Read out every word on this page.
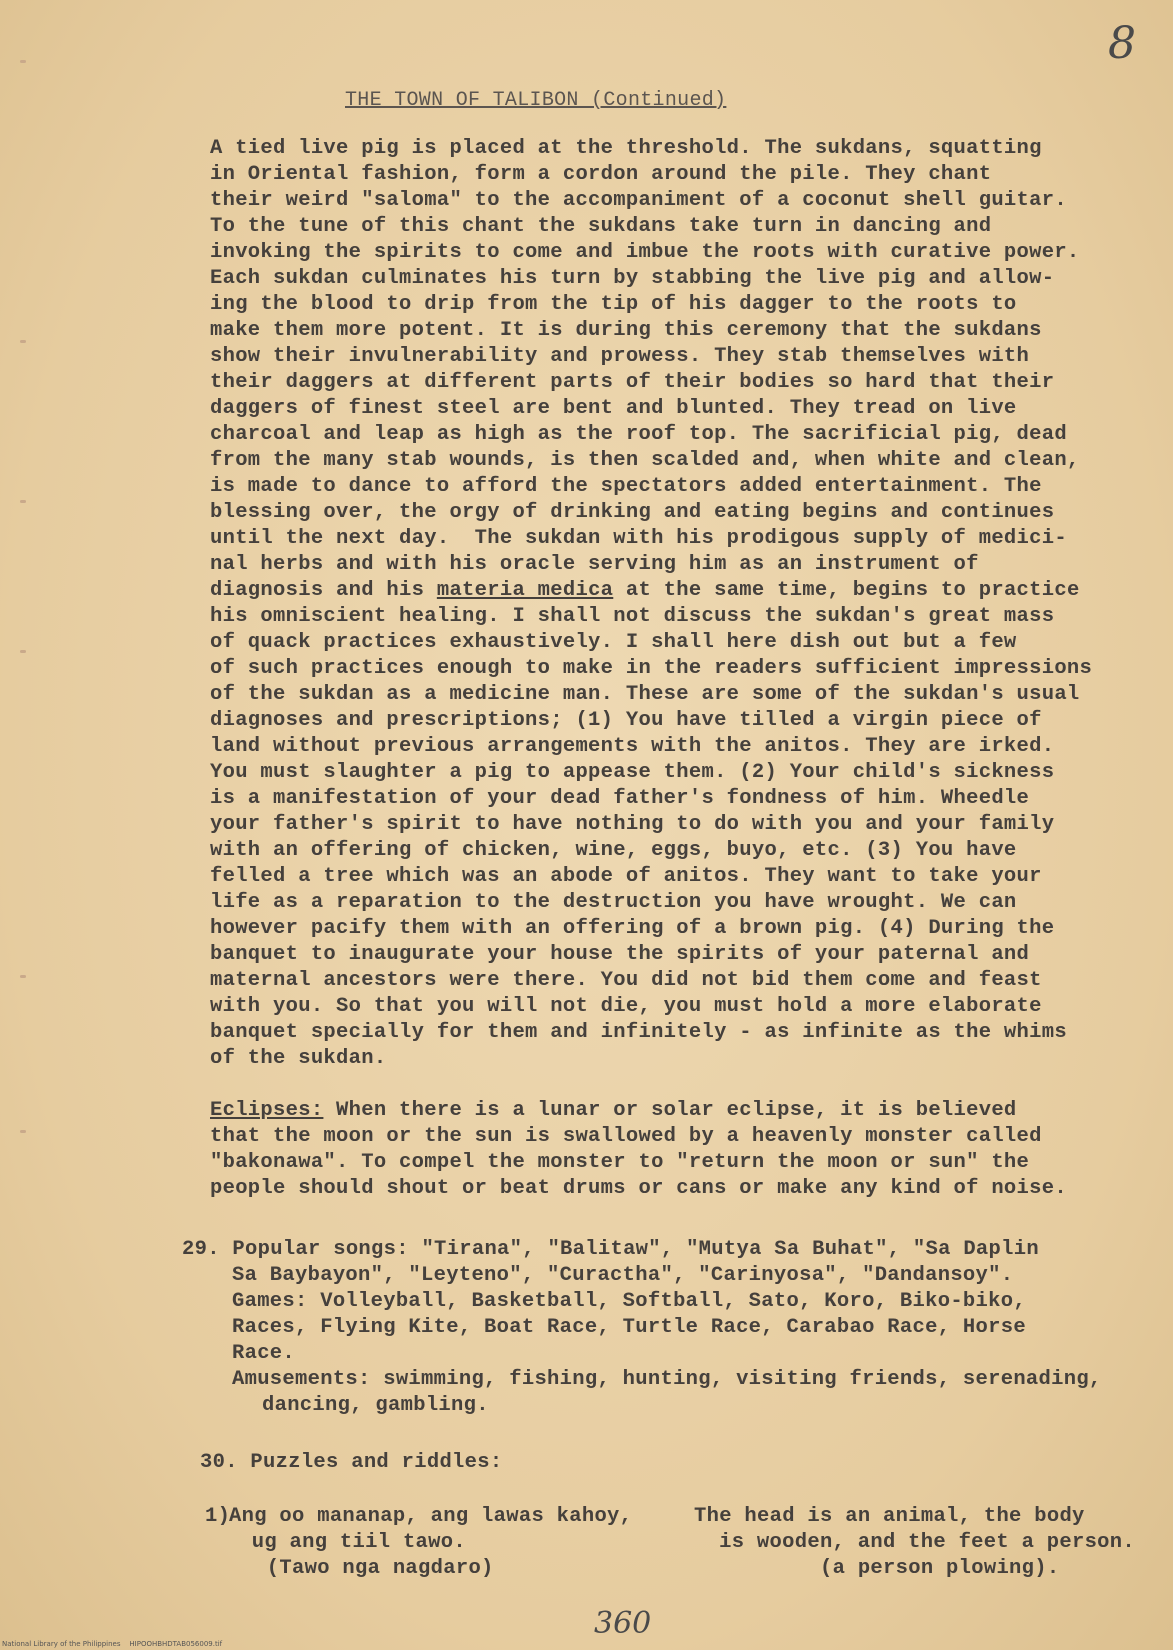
8
THE TOWN OF TALIBON (Continued)
A tied live pig is placed at the threshold. The sukdans, squatting
in Oriental fashion, form a cordon around the pile. They chant
their weird "saloma" to the accompaniment of a coconut shell guitar.
To the tune of this chant the sukdans take turn in dancing and
invoking the spirits to come and imbue the roots with curative power.
Each sukdan culminates his turn by stabbing the live pig and allow-
ing the blood to drip from the tip of his dagger to the roots to
make them more potent. It is during this ceremony that the sukdans
show their invulnerability and prowess. They stab themselves with
their daggers at different parts of their bodies so hard that their
daggers of finest steel are bent and blunted. They tread on live
charcoal and leap as high as the roof top. The sacrificial pig, dead
from the many stab wounds, is then scalded and, when white and clean,
is made to dance to afford the spectators added entertainment. The
blessing over, the orgy of drinking and eating begins and continues
until the next day.  The sukdan with his prodigous supply of medici-
nal herbs and with his oracle serving him as an instrument of
diagnosis and his materia medica at the same time, begins to practice
his omniscient healing. I shall not discuss the sukdan's great mass
of quack practices exhaustively. I shall here dish out but a few
of such practices enough to make in the readers sufficient impressions
of the sukdan as a medicine man. These are some of the sukdan's usual
diagnoses and prescriptions; (1) You have tilled a virgin piece of
land without previous arrangements with the anitos. They are irked.
You must slaughter a pig to appease them. (2) Your child's sickness
is a manifestation of your dead father's fondness of him. Wheedle
your father's spirit to have nothing to do with you and your family
with an offering of chicken, wine, eggs, buyo, etc. (3) You have
felled a tree which was an abode of anitos. They want to take your
life as a reparation to the destruction you have wrought. We can
however pacify them with an offering of a brown pig. (4) During the
banquet to inaugurate your house the spirits of your paternal and
maternal ancestors were there. You did not bid them come and feast
with you. So that you will not die, you must hold a more elaborate
banquet specially for them and infinitely - as infinite as the whims
of the sukdan.
Eclipses: When there is a lunar or solar eclipse, it is believed
that the moon or the sun is swallowed by a heavenly monster called
"bakonawa". To compel the monster to "return the moon or sun" the
people should shout or beat drums or cans or make any kind of noise.
29. Popular songs: "Tirana", "Balitaw", "Mutya Sa Buhat", "Sa Daplin
Sa Baybayon", "Leyteno", "Curactha", "Carinyosa", "Dandansoy".
Games: Volleyball, Basketball, Softball, Sato, Koro, Biko-biko,
Races, Flying Kite, Boat Race, Turtle Race, Carabao Race, Horse
Race.
Amusements: swimming, fishing, hunting, visiting friends, serenading,
dancing, gambling.
30. Puzzles and riddles:
1)
Ang oo mananap, ang lawas kahoy,	The head is an animal, the body
ug ang tiil tawo.	is wooden, and the feet a person.
(Tawo nga nagdaro)	(a person plowing).
360
National Library of the Philippines    HIPOOHBHDTAB056009.tif
